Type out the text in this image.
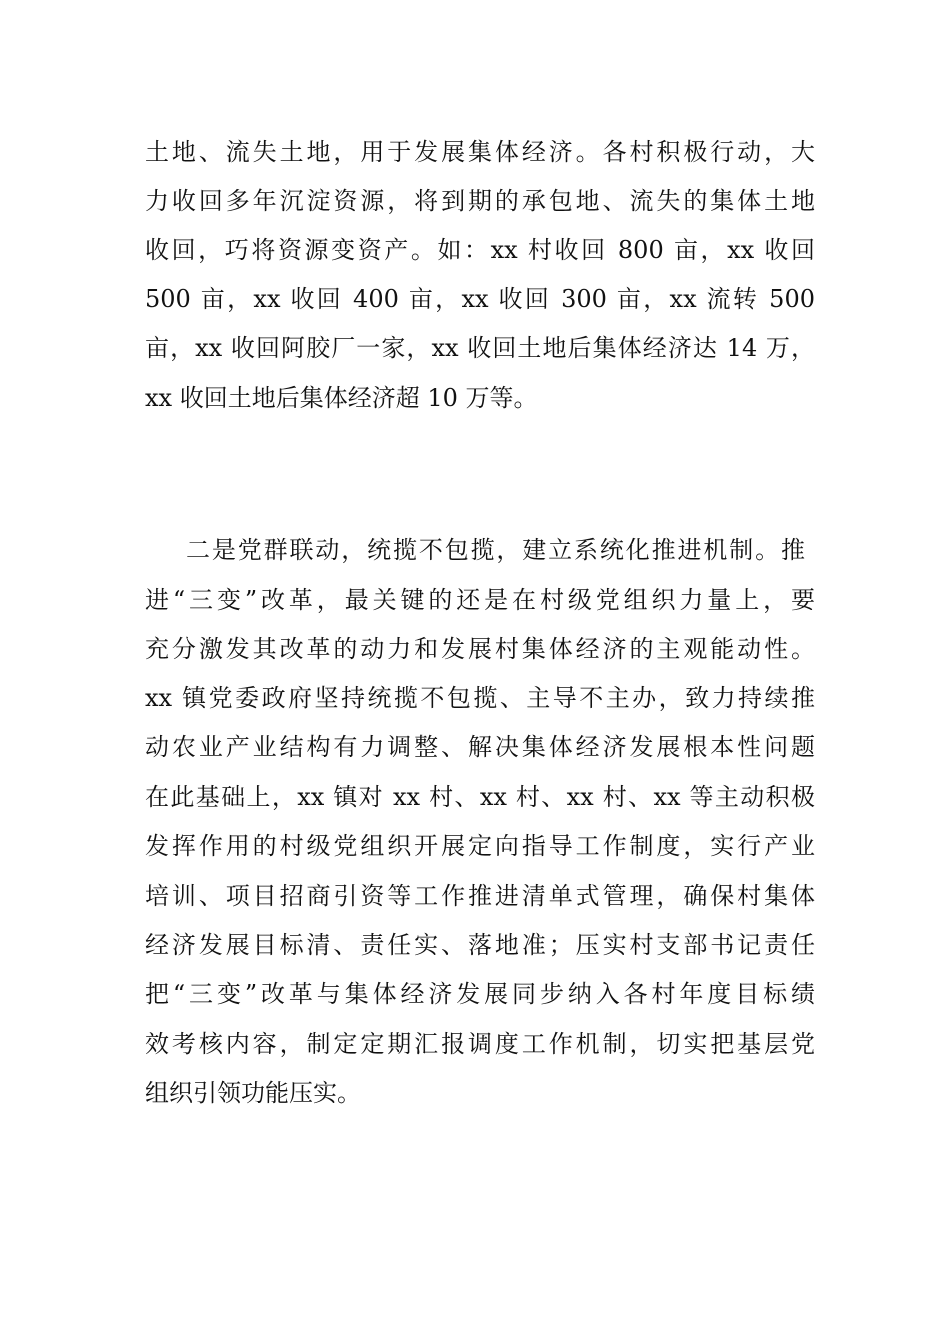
土地、流失土地，用于发展集体经济。各村积极行动，大
力收回多年沉淀资源，将到期的承包地、流失的集体土地
收回，巧将资源变资产。如：xx 村收回 800 亩，xx 收回
500 亩，xx 收回 400 亩，xx 收回 300 亩，xx 流转 500
亩，xx 收回阿胶厂一家，xx 收回土地后集体经济达 14 万，
xx 收回土地后集体经济超 10 万等。
二是党群联动，统揽不包揽，建立系统化推进机制。推
进“三变”改革，最关键的还是在村级党组织力量上，要
充分激发其改革的动力和发展村集体经济的主观能动性。
xx 镇党委政府坚持统揽不包揽、主导不主办，致力持续推
动农业产业结构有力调整、解决集体经济发展根本性问题
在此基础上，xx 镇对 xx 村、xx 村、xx 村、xx 等主动积极
发挥作用的村级党组织开展定向指导工作制度，实行产业
培训、项目招商引资等工作推进清单式管理，确保村集体
经济发展目标清、责任实、落地准；压实村支部书记责任
把“三变”改革与集体经济发展同步纳入各村年度目标绩
效考核内容，制定定期汇报调度工作机制，切实把基层党
组织引领功能压实。
